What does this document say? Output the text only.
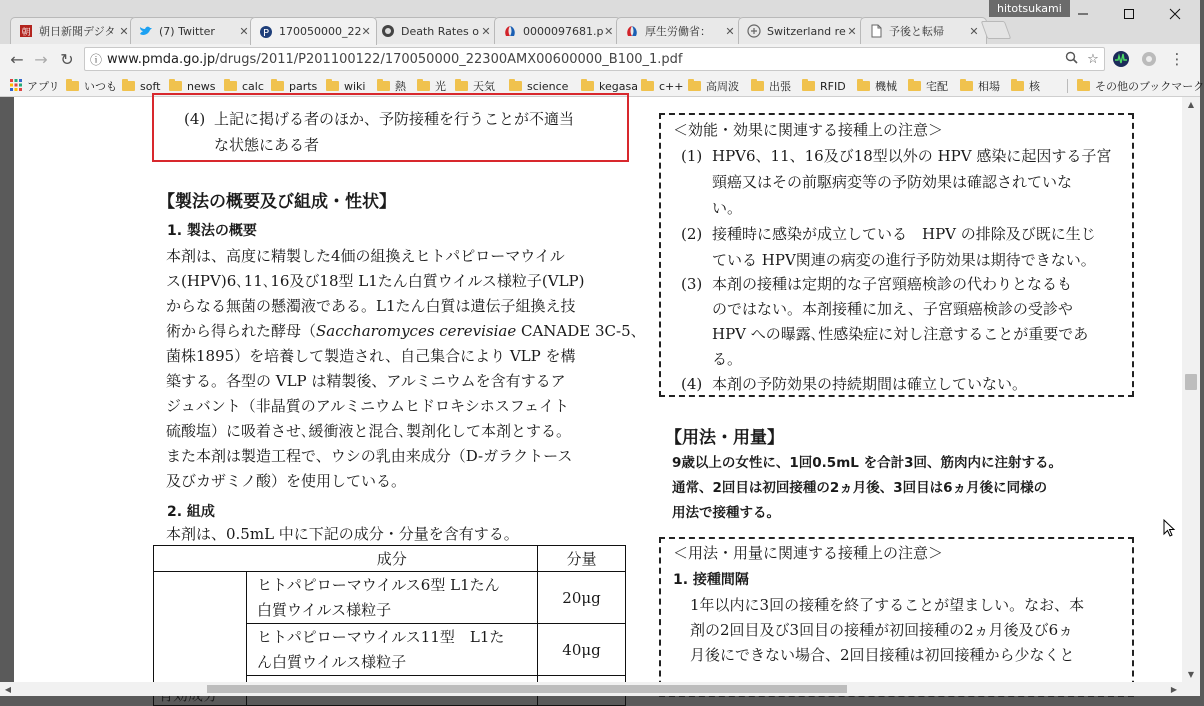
朝 朝日新聞デジタ ✕	(7) Twitter	✕ P 170050000_22 ✕	Death Rates o ✕	0000097681.p ✕	厚生労働省：	✕	Switzerland re ✕	予後と転帰	✕
hitotsukami
← → ↻	ⓘ www.pmda.go.jp/drugs/2011/P201100122/170050000_22300AMX00600000_B100_1.pdf	☆	⋮
アプリ いつも soft news calc parts wiki	熱	光 天気	science	kegasa c++ 高周波	出張	RFID	機械	宅配	相場	核	その他のブックマーク
(4) 上記に掲げる者のほか、予防接種を行うことが不適当
な状態にある者
【製法の概要及び組成・性状】
1. 製法の概要
本剤は、高度に精製した4価の組換えヒトパピローマウイル
ス(HPV)6､11､16及び18型 L1たん白質ウイルス様粒子(VLP)
からなる無菌の懸濁液である。L1たん白質は遺伝子組換え技
術から得られた酵母（Saccharomyces cerevisiae CANADE 3C-5、
菌株1895）を培養して製造され、自己集合により VLP を構
築する。各型の VLP は精製後、アルミニウムを含有するア
ジュバント（非晶質のアルミニウムヒドロキシホスフェイト
硫酸塩）に吸着させ､緩衝液と混合､製剤化して本剤とする。
また本剤は製造工程で、ウシの乳由来成分（D-ガラクトース
及びカザミノ酸）を使用している。
2. 組成
本剤は、0.5mL 中に下記の成分・分量を含有する。
	成分	分量
	ヒトパピローマウイルス6型 L1たん
白質ウイルス様粒子	20μg
	ヒトパピローマウイルス11型　L1た
ん白質ウイルス様粒子	40μg

＜効能・効果に関連する接種上の注意＞
(1) HPV6、11、16及び18型以外の HPV 感染に起因する子宮
頸癌又はその前駆病変等の予防効果は確認されていな
い。
(2) 接種時に感染が成立している　HPV の排除及び既に生じ
ている HPV関連の病変の進行予防効果は期待できない。
(3) 本剤の接種は定期的な子宮頸癌検診の代わりとなるも
のではない。本剤接種に加え、子宮頸癌検診の受診や
HPV への曝露､性感染症に対し注意することが重要であ
る。
(4) 本剤の予防効果の持続期間は確立していない。
【用法・用量】
9歳以上の女性に、1回0.5mL を合計3回、筋肉内に注射する。
通常、2回目は初回接種の2ヵ月後、3回目は6ヵ月後に同様の
用法で接種する。
＜用法・用量に関連する接種上の注意＞
1. 接種間隔
1年以内に3回の接種を終了することが望ましい。なお、本
剤の2回目及び3回目の接種が初回接種の2ヵ月後及び6ヵ
月後にできない場合、2回目接種は初回接種から少なくと
▲
▼
◀	▶
